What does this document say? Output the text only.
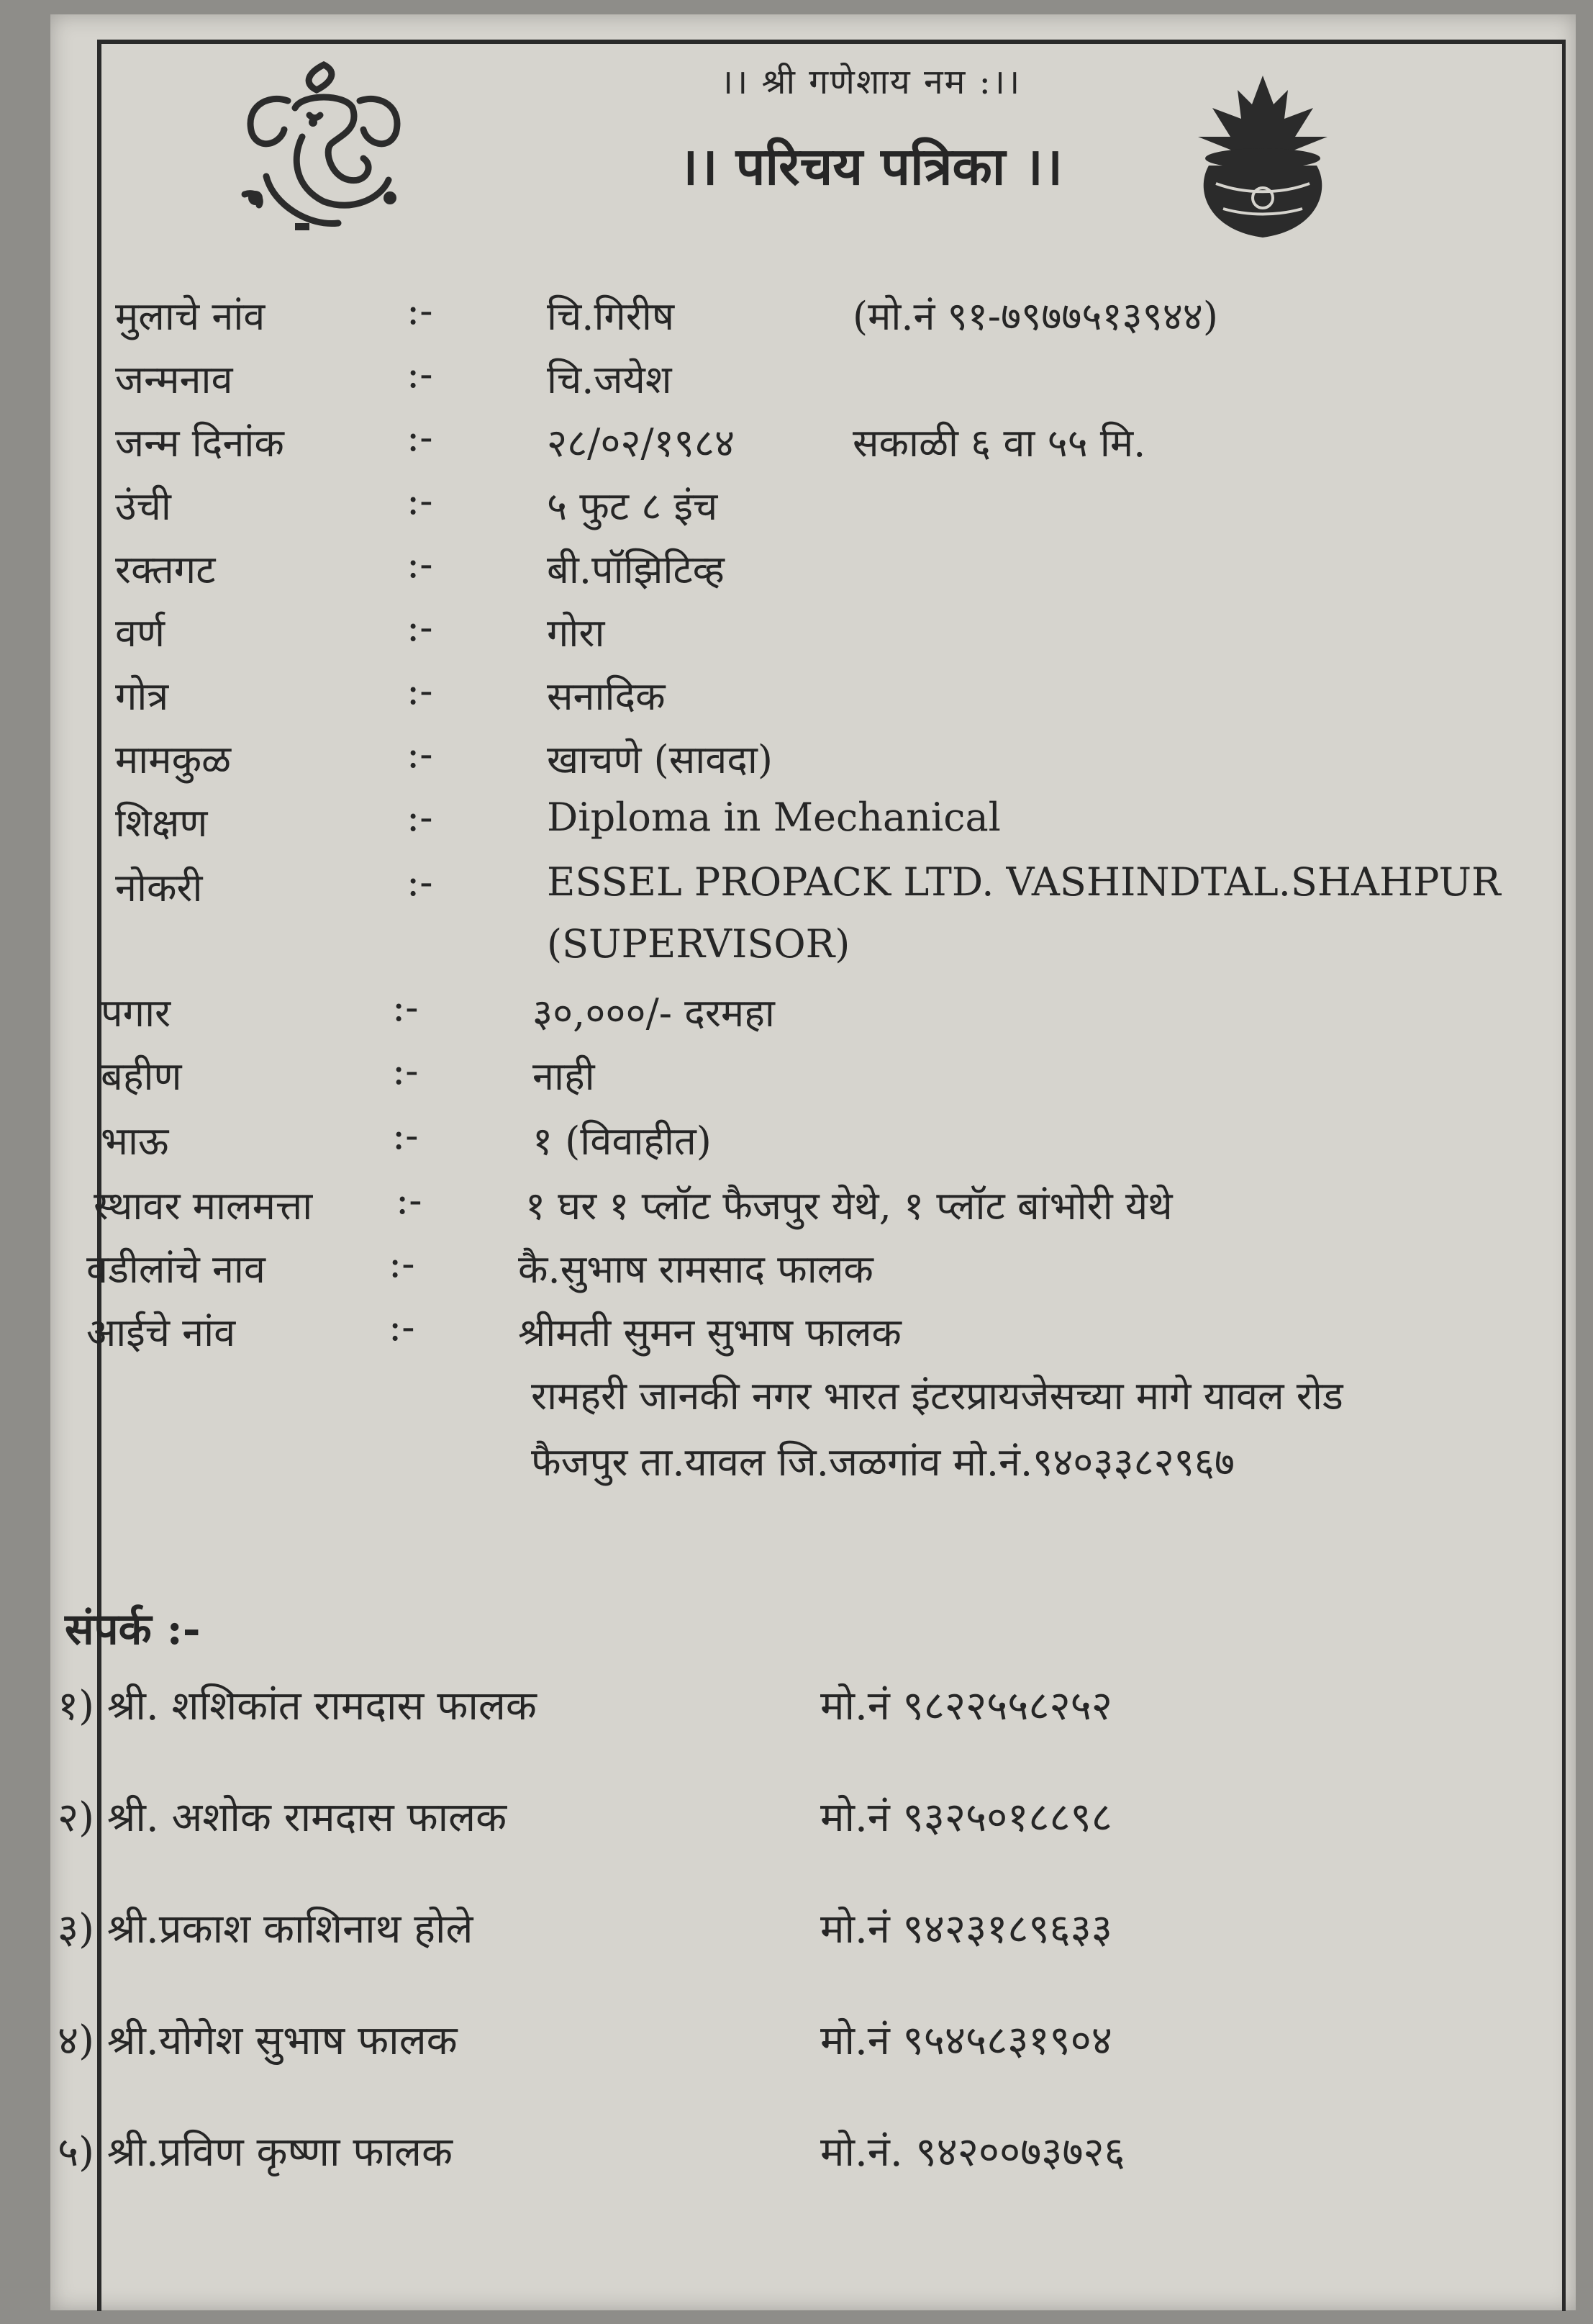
।। श्री गणेशाय नम :।।
।। परिचय पत्रिका ।।
मुलाचे नांव	:-	चि.गिरीष	(मो.नं ९१-७९७७५१३९४४)
जन्मनाव	:-	चि.जयेश
जन्म दिनांक	:-	२८/०२/१९८४	सकाळी ६ वा ५५ मि.
उंची	:-	५ फुट ८ इंच
रक्तगट	:-	बी.पॉझिटिव्ह
वर्ण	:-	गोरा
गोत्र	:-	सनादिक
मामकुळ	:-	खाचणे (सावदा)
शिक्षण	:-	Diploma in Mechanical
नोकरी	:-	ESSEL PROPACK LTD. VASHINDTAL.SHAHPUR
(SUPERVISOR)
पगार	:-	३०,०००/- दरमहा
बहीण	:-	नाही
भाऊ	:-	१ (विवाहीत)
स्थावर मालमत्ता :-	१ घर १ प्लॉट फैजपुर येथे, १ प्लॉट बांभोरी येथे
वडीलांचे नाव	:-	कै.सुभाष रामसाद फालक
आईचे नांव	:-	श्रीमती सुमन सुभाष फालक
रामहरी जानकी नगर भारत इंटरप्रायजेसच्या मागे यावल रोड
फैजपुर ता.यावल जि.जळगांव मो.नं.९४०३३८२९६७
संपर्क :-
१) श्री. शशिकांत रामदास फालक	मो.नं ९८२२५५८२५२
२) श्री. अशोक रामदास फालक	मो.नं ९३२५०१८८९८
३) श्री.प्रकाश काशिनाथ होले	मो.नं ९४२३१८९६३३
४) श्री.योगेश सुभाष फालक	मो.नं ९५४५८३१९०४
५) श्री.प्रविण कृष्णा फालक	मो.नं. ९४२००७३७२६
